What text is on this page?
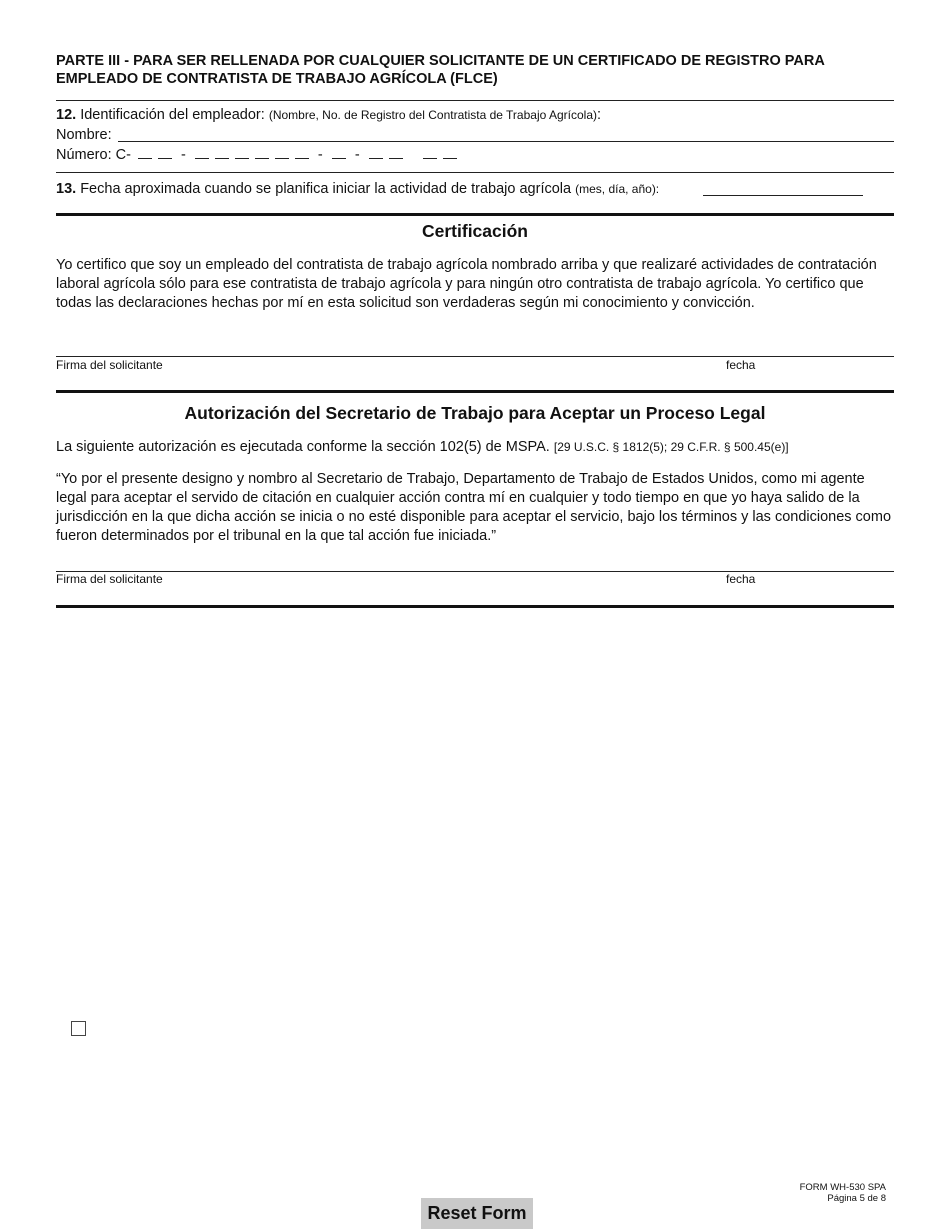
PARTE III - PARA SER RELLENADA POR CUALQUIER SOLICITANTE DE UN CERTIFICADO DE REGISTRO PARA EMPLEADO DE CONTRATISTA DE TRABAJO AGRÍCOLA (FLCE)
12. Identificación del empleador: (Nombre, No. de Registro del Contratista de Trabajo Agrícola):
Nombre:
Número: C-	-	- -
13. Fecha aproximada cuando se planifica iniciar la actividad de trabajo agrícola (mes, día, año):
Certificación
Yo certifico que soy un empleado del contratista de trabajo agrícola nombrado arriba y que realizaré actividades de contratación laboral agrícola sólo para ese contratista de trabajo agrícola y para ningún otro contratista de trabajo agrícola. Yo certifico que todas las declaraciones hechas por mí en esta solicitud son verdaderas según mi conocimiento y convicción.
Firma del solicitante	fecha
Autorización del Secretario de Trabajo para Aceptar un Proceso Legal
La siguiente autorización es ejecutada conforme la sección 102(5) de MSPA. [29 U.S.C. § 1812(5); 29 C.F.R. § 500.45(e)]
“Yo por el presente designo y nombro al Secretario de Trabajo, Departamento de Trabajo de Estados Unidos, como mi agente legal para aceptar el servido de citación en cualquier acción contra mí en cualquier y todo tiempo en que yo haya salido de la jurisdicción en la que dicha acción se inicia o no esté disponible para aceptar el servicio, bajo los términos y las condiciones como fueron determinados por el tribunal en la que tal acción fue iniciada.”
Firma del solicitante	fecha
FORM WH-530 SPA
Página 5 de 8
Reset Form
